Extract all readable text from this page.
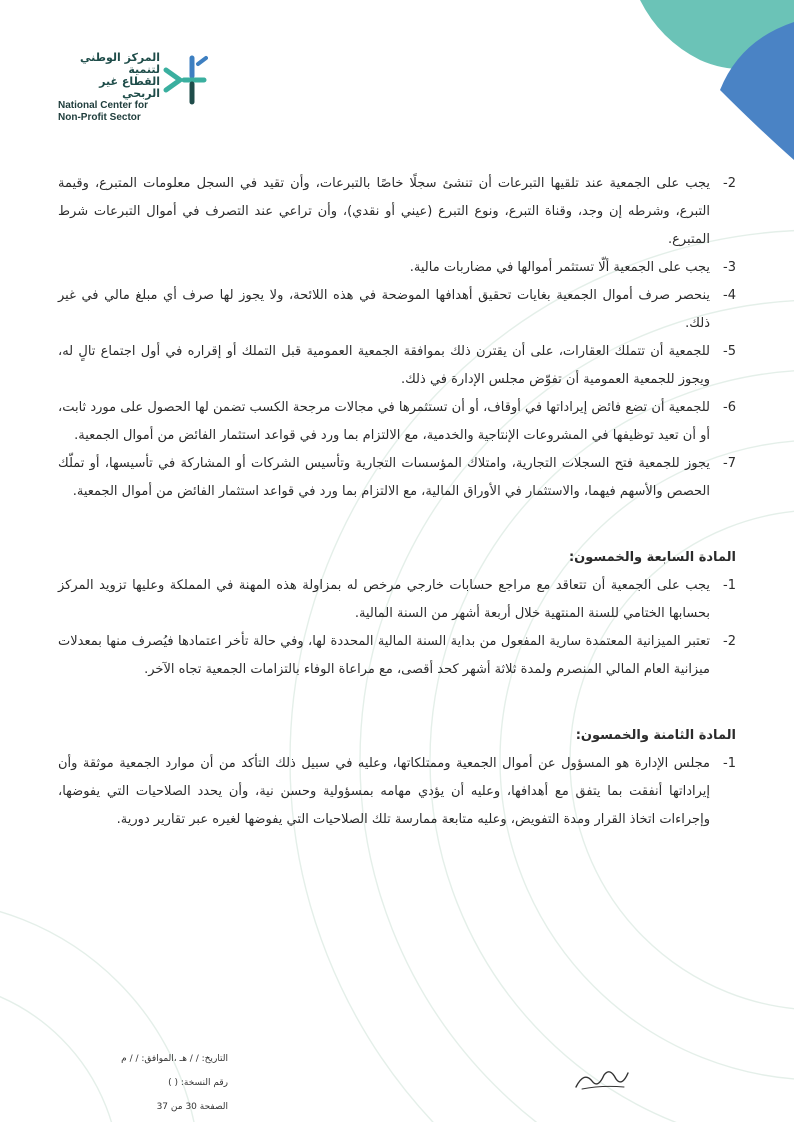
المركز الوطني لتنمية
القطاع غير الربحي
National Center for
Non-Profit Sector

-2
يجب على الجمعية عند تلقيها التبرعات أن تنشئ سجلًا خاصًا بالتبرعات، وأن تقيد في السجل معلومات المتبرع، وقيمة التبرع، وشرطه إن وجد، وقناة التبرع، ونوع التبرع (عيني أو نقدي)، وأن تراعي عند التصرف في أموال التبرعات شرط المتبرع.

-3
يجب على الجمعية ألّا تستثمر أموالها في مضاربات مالية.

-4
ينحصر صرف أموال الجمعية بغايات تحقيق أهدافها الموضحة في هذه اللائحة، ولا يجوز لها صرف أي مبلغ مالي في غير ذلك.

-5
للجمعية أن تتملك العقارات، على أن يقترن ذلك بموافقة الجمعية العمومية قبل التملك أو إقراره في أول اجتماع تالٍ له، ويجوز للجمعية العمومية أن تفوّض مجلس الإدارة في ذلك.

-6
للجمعية أن تضع فائض إيراداتها في أوقاف، أو أن تستثمرها في مجالات مرجحة الكسب تضمن لها الحصول على مورد ثابت، أو أن تعيد توظيفها في المشروعات الإنتاجية والخدمية، مع الالتزام بما ورد في قواعد استثمار الفائض من أموال الجمعية.

-7
يجوز للجمعية فتح السجلات التجارية، وامتلاك المؤسسات التجارية وتأسيس الشركات أو المشاركة في تأسيسها، أو تملّك الحصص والأسهم فيهما، والاستثمار في الأوراق المالية، مع الالتزام بما ورد في قواعد استثمار الفائض من أموال الجمعية.

المادة السابعة والخمسون:

-1
يجب على الجمعية أن تتعاقد مع مراجع حسابات خارجي مرخص له بمزاولة هذه المهنة في المملكة وعليها تزويد المركز بحسابها الختامي للسنة المنتهية خلال أربعة أشهر من السنة المالية.

-2
تعتبر الميزانية المعتمدة سارية المفعول من بداية السنة المالية المحددة لها، وفي حالة تأخر اعتمادها فيُصرف منها بمعدلات ميزانية العام المالي المنصرم ولمدة ثلاثة أشهر كحد أقصى، مع مراعاة الوفاء بالتزامات الجمعية تجاه الآخر.

المادة الثامنة والخمسون:

-1
مجلس الإدارة هو المسؤول عن أموال الجمعية وممتلكاتها، وعليه في سبيل ذلك التأكد من أن موارد الجمعية موثقة وأن إيراداتها أنفقت بما يتفق مع أهدافها، وعليه أن يؤدي مهامه بمسؤولية وحسن نية، وأن يحدد الصلاحيات التي يفوضها، وإجراءات اتخاذ القرار ومدة التفويض، وعليه متابعة ممارسة تلك الصلاحيات التي يفوضها لغيره عبر تقارير دورية.

التاريخ: / / هـ ،الموافق: / / م
رقم النسخة: ( )
الصفحة 30 من 37
